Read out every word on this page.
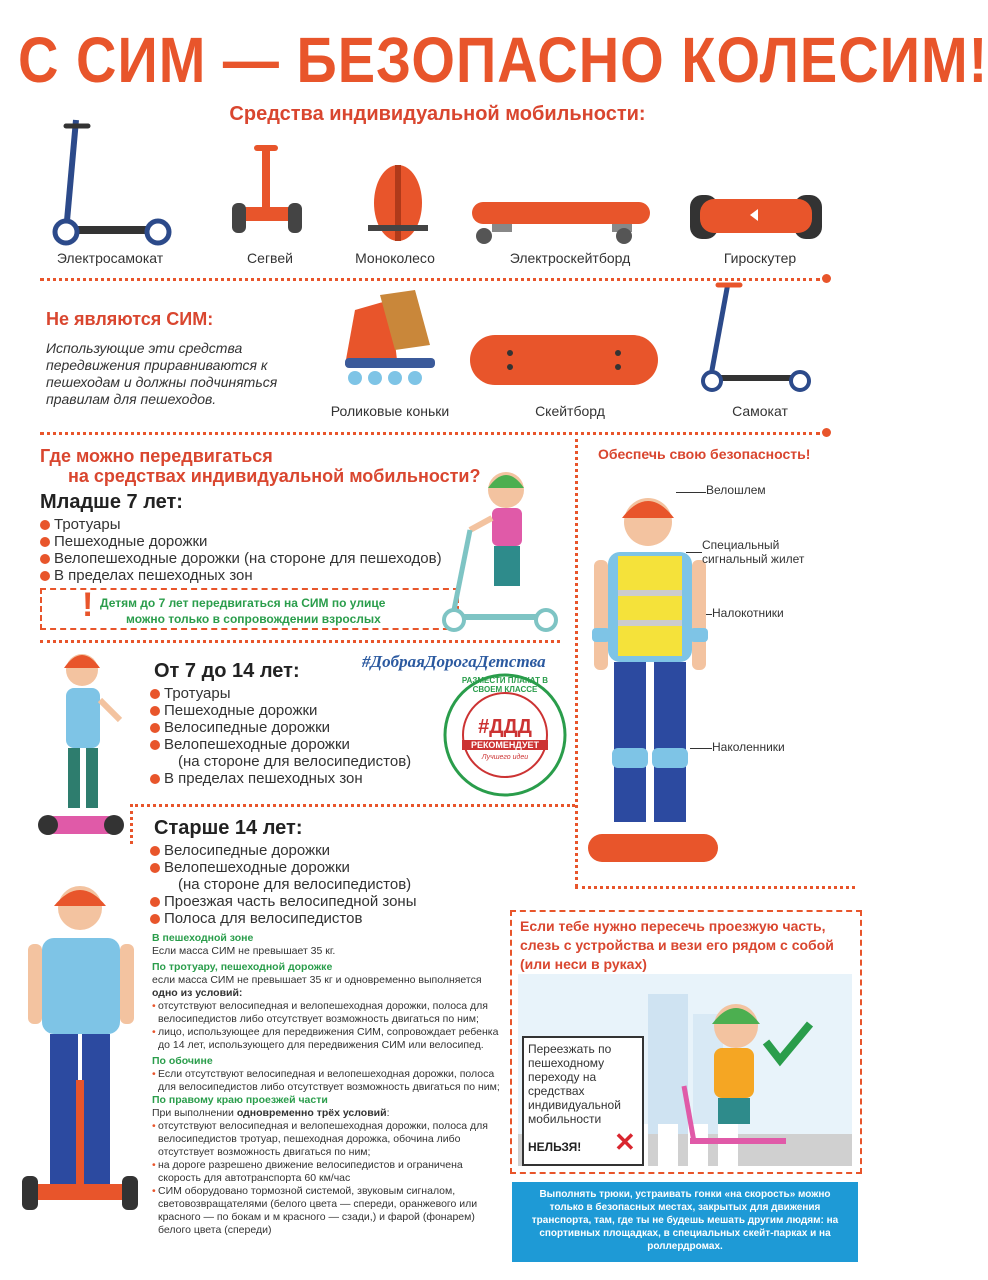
С СИМ — БЕЗОПАСНО КОЛЕСИМ!
Средства индивидуальной мобильности:
Электросамокат	Сегвей	Моноколесо	Электроскейтборд	Гироскутер
Не являются СИМ:
Использующие эти средства передвижения приравниваются к пешеходам и должны подчиняться правилам для пешеходов.
Роликовые коньки	Скейтборд	Самокат
Где можно передвигаться
на средствах индивидуальной мобильности?
Младше 7 лет:
Тротуары
Пешеходные дорожки
Велопешеходные дорожки (на стороне для пешеходов)
В пределах пешеходных зон
! Детям до 7 лет передвигаться на СИМ по улице
можно только в сопровождении взрослых
От 7 до 14 лет:
Тротуары
Пешеходные дорожки
Велосипедные дорожки
Велопешеходные дорожки
(на стороне для велосипедистов)
В пределах пешеходных зон
#ДобраяДорогаДетства
РАЗМЕСТИ ПЛАКАТ В СВОЕМ КЛАССЕ
#ДДД
РЕКОМЕНДУЕТ
Лучшего идеи
Старше 14 лет:
Велосипедные дорожки
Велопешеходные дорожки
(на стороне для велосипедистов)
Проезжая часть велосипедной зоны
Полоса для велосипедистов
Обеспечь свою безопасность!
Велошлем
Специальный сигнальный жилет
Налокотники
Наколенники
В пешеходной зоне
Если масса СИМ не превышает 35 кг.
По тротуару, пешеходной дорожке
если масса СИМ не превышает 35 кг и одновременно выполняется одно из условий:
• отсутствуют велосипедная и велопешеходная дорожки, полоса для велосипедистов либо отсутствует возможность двигаться по ним;
• лицо, использующее для передвижения СИМ, сопровождает ребенка до 14 лет, использующего для передвижения СИМ или велосипед.
По обочине
• Если отсутствуют велосипедная и велопешеходная дорожки, полоса для велосипедистов либо отсутствует возможность двигаться по ним;
По правому краю проезжей части
При выполнении одновременно трёх условий:
• отсутствуют велосипедная и велопешеходная дорожки, полоса для велосипедистов тротуар, пешеходная дорожка, обочина либо отсутствует возможность двигаться по ним;
• на дороге разрешено движение велосипедистов и ограничена скорость для автотранспорта 60 км/час
• СИМ оборудовано тормозной системой, звуковым сигналом, световозвращателями (белого цвета — спереди, оранжевого или красного — по бокам и м красного — сзади,) и фарой (фонарем) белого цвета (спереди)
Если тебе нужно пересечь проезжую часть, слезь с устройства и вези его рядом с собой (или неси в руках)
Переезжать по пешеходному переходу на средствах индивидуальной мобильности
НЕЛЬЗЯ! ✕
Выполнять трюки, устраивать гонки «на скорость» можно только в безопасных местах, закрытых для движения транспорта, там, где ты не будешь мешать другим людям: на спортивных площадках, в специальных скейт-парках и на роллердромах.
